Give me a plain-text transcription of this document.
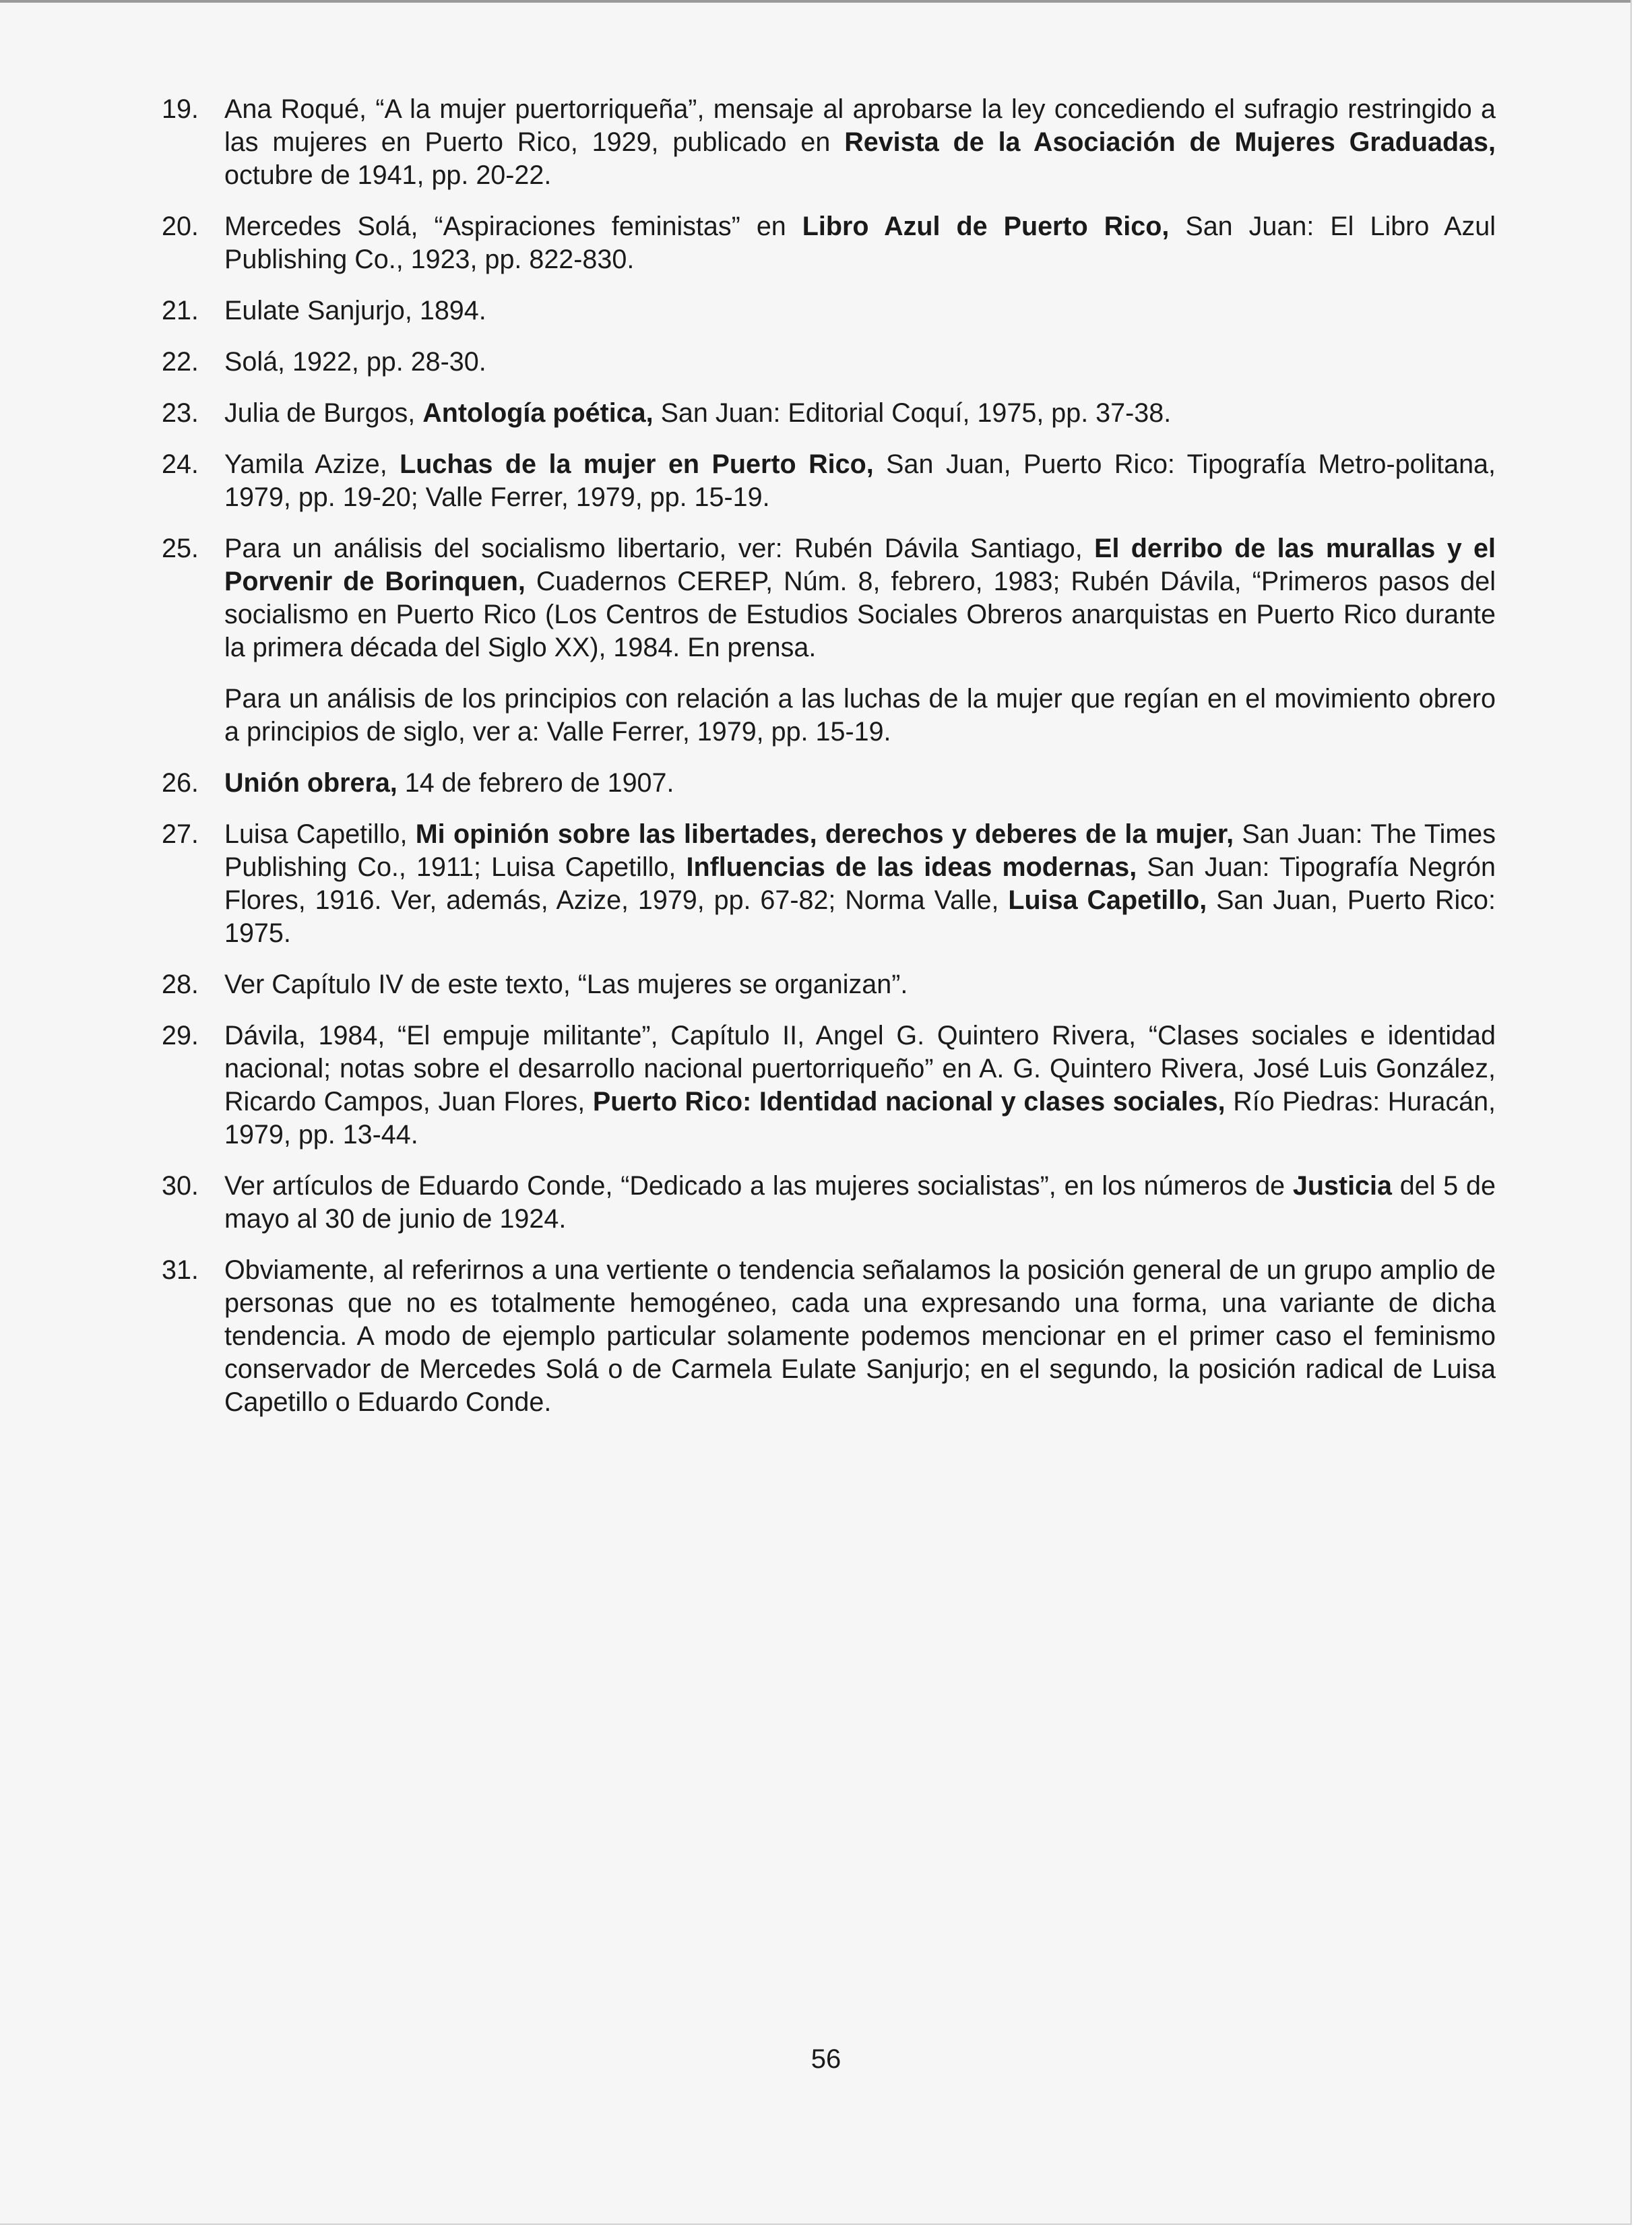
19. Ana Roqué, “A la mujer puertorriqueña”, mensaje al aprobarse la ley concediendo el sufragio restringido a las mujeres en Puerto Rico, 1929, publicado en Revista de la Asociación de Mujeres Graduadas, octubre de 1941, pp. 20-22.

20. Mercedes Solá, “Aspiraciones feministas” en Libro Azul de Puerto Rico, San Juan: El Libro Azul Publishing Co., 1923, pp. 822-830.

21. Eulate Sanjurjo, 1894.

22. Solá, 1922, pp. 28-30.

23. Julia de Burgos, Antología poética, San Juan: Editorial Coquí, 1975, pp. 37-38.

24. Yamila Azize, Luchas de la mujer en Puerto Rico, San Juan, Puerto Rico: Tipografía Metro-politana, 1979, pp. 19-20; Valle Ferrer, 1979, pp. 15-19.

25. Para un análisis del socialismo libertario, ver: Rubén Dávila Santiago, El derribo de las murallas y el Porvenir de Borinquen, Cuadernos CEREP, Núm. 8, febrero, 1983; Rubén Dávila, “Primeros pasos del socialismo en Puerto Rico (Los Centros de Estudios Sociales Obreros anarquistas en Puerto Rico durante la primera década del Siglo XX), 1984. En prensa.

Para un análisis de los principios con relación a las luchas de la mujer que regían en el movimiento obrero a principios de siglo, ver a: Valle Ferrer, 1979, pp. 15-19.

26. Unión obrera, 14 de febrero de 1907.

27. Luisa Capetillo, Mi opinión sobre las libertades, derechos y deberes de la mujer, San Juan: The Times Publishing Co., 1911; Luisa Capetillo, Influencias de las ideas modernas, San Juan: Tipografía Negrón Flores, 1916. Ver, además, Azize, 1979, pp. 67-82; Norma Valle, Luisa Capetillo, San Juan, Puerto Rico: 1975.

28. Ver Capítulo IV de este texto, “Las mujeres se organizan”.

29. Dávila, 1984, “El empuje militante”, Capítulo II, Angel G. Quintero Rivera, “Clases sociales e identidad nacional; notas sobre el desarrollo nacional puertorriqueño” en A. G. Quintero Rivera, José Luis González, Ricardo Campos, Juan Flores, Puerto Rico: Identidad nacional y clases sociales, Río Piedras: Huracán, 1979, pp. 13-44.

30. Ver artículos de Eduardo Conde, “Dedicado a las mujeres socialistas”, en los números de Justicia del 5 de mayo al 30 de junio de 1924.

31. Obviamente, al referirnos a una vertiente o tendencia señalamos la posición general de un grupo amplio de personas que no es totalmente hemogéneo, cada una expresando una forma, una variante de dicha tendencia. A modo de ejemplo particular solamente podemos mencionar en el primer caso el feminismo conservador de Mercedes Solá o de Carmela Eulate Sanjurjo; en el segundo, la posición radical de Luisa Capetillo o Eduardo Conde.

56
